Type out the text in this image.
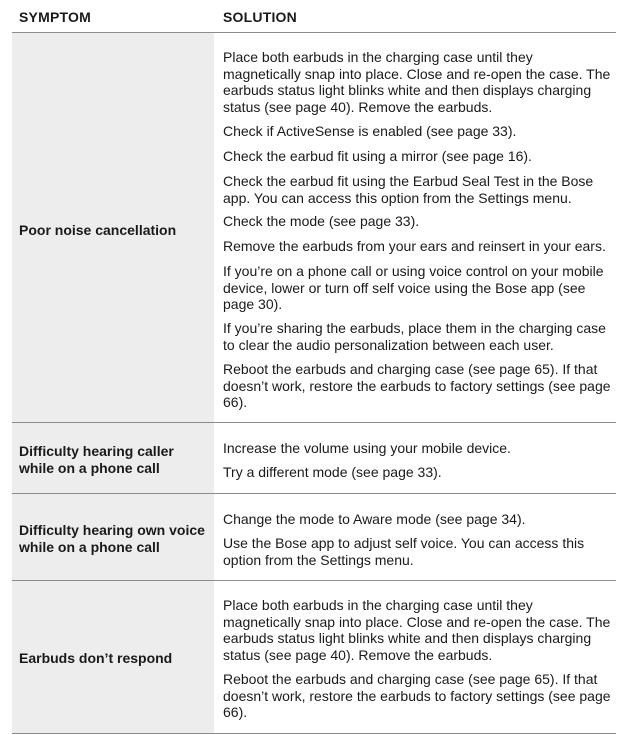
SYMPTOM	SOLUTION
Poor noise cancellation

Place both earbuds in the charging case until they magnetically snap into place. Close and re-open the case. The earbuds status light blinks white and then displays charging status (see page 40). Remove the earbuds.

Check if ActiveSense is enabled (see page 33).

Check the earbud fit using a mirror (see page 16).

Check the earbud fit using the Earbud Seal Test in the Bose app. You can access this option from the Settings menu.

Check the mode (see page 33).

Remove the earbuds from your ears and reinsert in your ears.

If you’re on a phone call or using voice control on your mobile device, lower or turn off self voice using the Bose app (see page 30).

If you’re sharing the earbuds, place them in the charging case to clear the audio personalization between each user.

Reboot the earbuds and charging case (see page 65). If that doesn’t work, restore the earbuds to factory settings (see page 66).

Difficulty hearing caller while on a phone call

Increase the volume using your mobile device.

Try a different mode (see page 33).

Difficulty hearing own voice while on a phone call

Change the mode to Aware mode (see page 34).

Use the Bose app to adjust self voice. You can access this option from the Settings menu.

Earbuds don’t respond

Place both earbuds in the charging case until they magnetically snap into place. Close and re-open the case. The earbuds status light blinks white and then displays charging status (see page 40). Remove the earbuds.

Reboot the earbuds and charging case (see page 65). If that doesn’t work, restore the earbuds to factory settings (see page 66).
